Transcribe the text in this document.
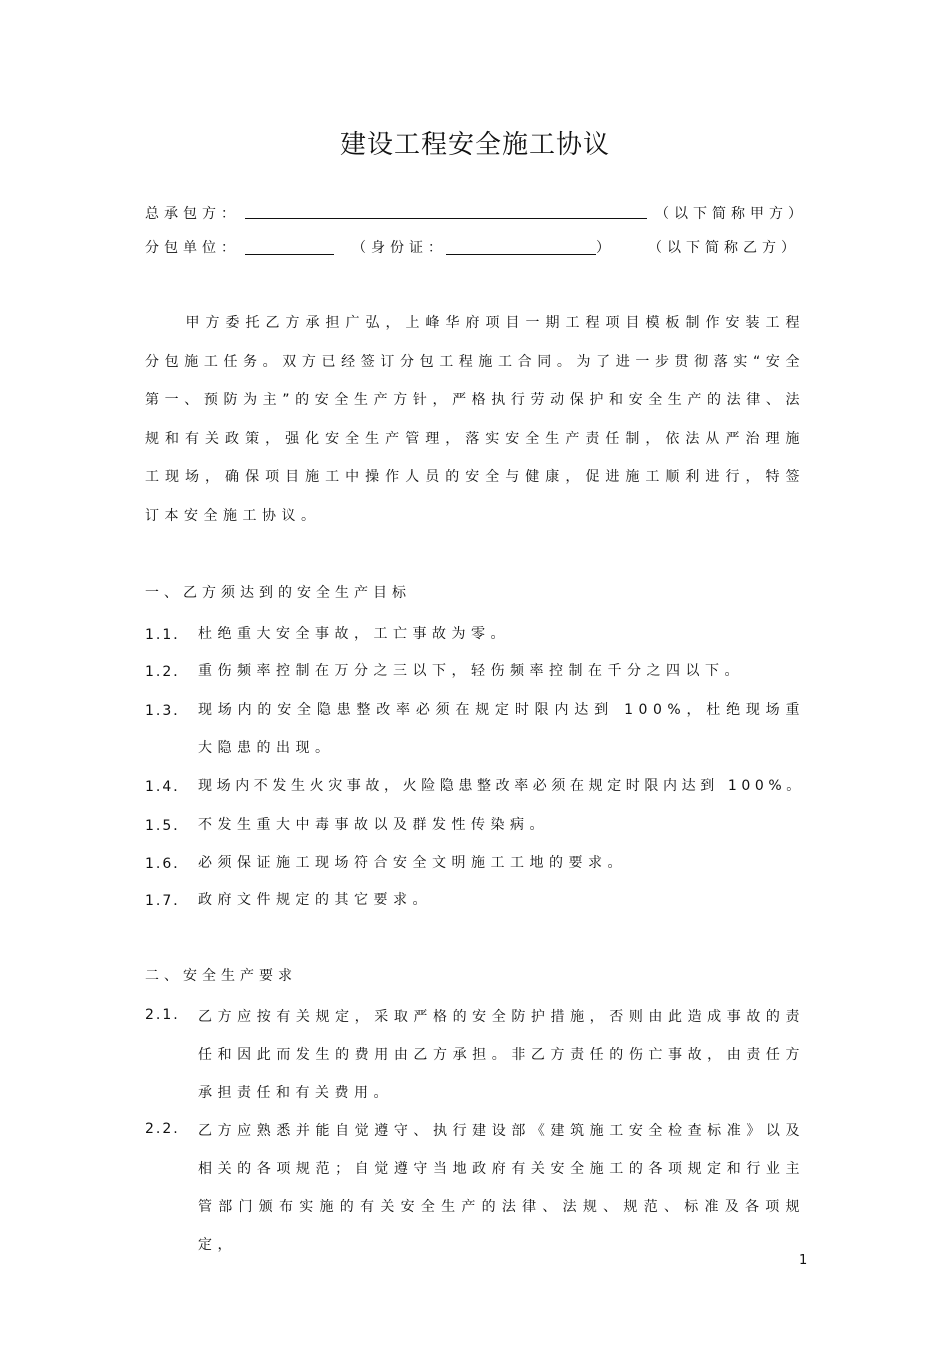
建设工程安全施工协议
总承包方：	（以下简称甲方）
分包单位：	（身份证：	） （以下简称乙方）
甲方委托乙方承担广弘，上峰华府项目一期工程项目模板制作安装工程分包施工任务。双方已经签订分包工程施工合同。为了进一步贯彻落实“安全第一、预防为主”的安全生产方针，严格执行劳动保护和安全生产的法律、法规和有关政策，强化安全生产管理，落实安全生产责任制，依法从严治理施工现场，确保项目施工中操作人员的安全与健康，促进施工顺利进行，特签订本安全施工协议。
一、乙方须达到的安全生产目标
1.1． 杜绝重大安全事故，工亡事故为零。
1.2． 重伤频率控制在万分之三以下，轻伤频率控制在千分之四以下。
1.3． 现场内的安全隐患整改率必须在规定时限内达到 100%，杜绝现场重大隐患的出现。
1.4． 现场内不发生火灾事故，火险隐患整改率必须在规定时限内达到 100%。
1.5． 不发生重大中毒事故以及群发性传染病。
1.6． 必须保证施工现场符合安全文明施工工地的要求。
1.7． 政府文件规定的其它要求。
二、安全生产要求
2.1. 乙方应按有关规定，采取严格的安全防护措施，否则由此造成事故的责任和因此而发生的费用由乙方承担。非乙方责任的伤亡事故，由责任方承担责任和有关费用。
2.2. 乙方应熟悉并能自觉遵守、执行建设部《建筑施工安全检查标准》以及相关的各项规范；自觉遵守当地政府有关安全施工的各项规定和行业主管部门颁布实施的有关安全生产的法律、法规、规范、标准及各项规定，
1
